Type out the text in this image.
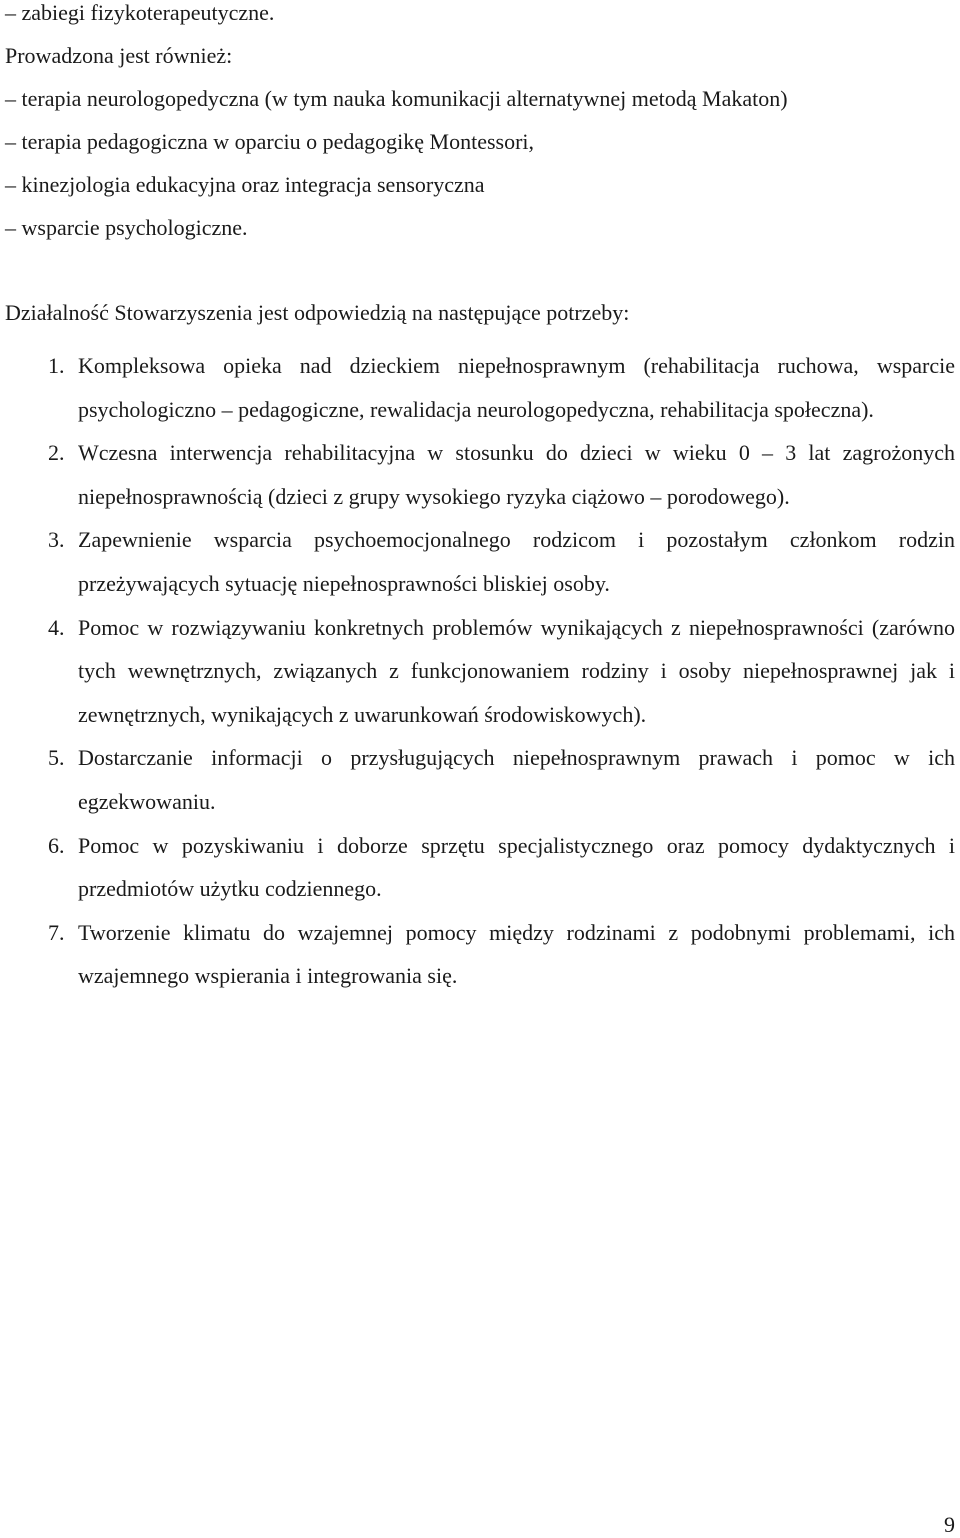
– zabiegi fizykoterapeutyczne.
Prowadzona jest również:
– terapia neurologopedyczna (w tym nauka komunikacji alternatywnej metodą Makaton)
– terapia pedagogiczna w oparciu o pedagogikę Montessori,
– kinezjologia edukacyjna oraz integracja sensoryczna
– wsparcie psychologiczne.
Działalność Stowarzyszenia jest odpowiedzią na następujące potrzeby:
1. Kompleksowa opieka nad dzieckiem niepełnosprawnym (rehabilitacja ruchowa, wsparcie psychologiczno – pedagogiczne, rewalidacja neurologopedyczna, rehabilitacja społeczna).
2. Wczesna interwencja rehabilitacyjna w stosunku do dzieci w wieku 0 – 3 lat zagrożonych niepełnosprawnością (dzieci z grupy wysokiego ryzyka ciążowo – porodowego).
3. Zapewnienie wsparcia psychoemocjonalnego rodzicom i pozostałym członkom rodzin przeżywających sytuację niepełnosprawności bliskiej osoby.
4. Pomoc w rozwiązywaniu konkretnych problemów wynikających z niepełnosprawności (zarówno tych wewnętrznych, związanych z funkcjonowaniem rodziny i osoby niepełnosprawnej jak i zewnętrznych, wynikających z uwarunkowań środowiskowych).
5. Dostarczanie informacji o przysługujących niepełnosprawnym prawach i pomoc w ich egzekwowaniu.
6. Pomoc w pozyskiwaniu i doborze sprzętu specjalistycznego oraz pomocy dydaktycznych i przedmiotów użytku codziennego.
7. Tworzenie klimatu do wzajemnej pomocy między rodzinami z podobnymi problemami, ich wzajemnego wspierania i integrowania się.
9
